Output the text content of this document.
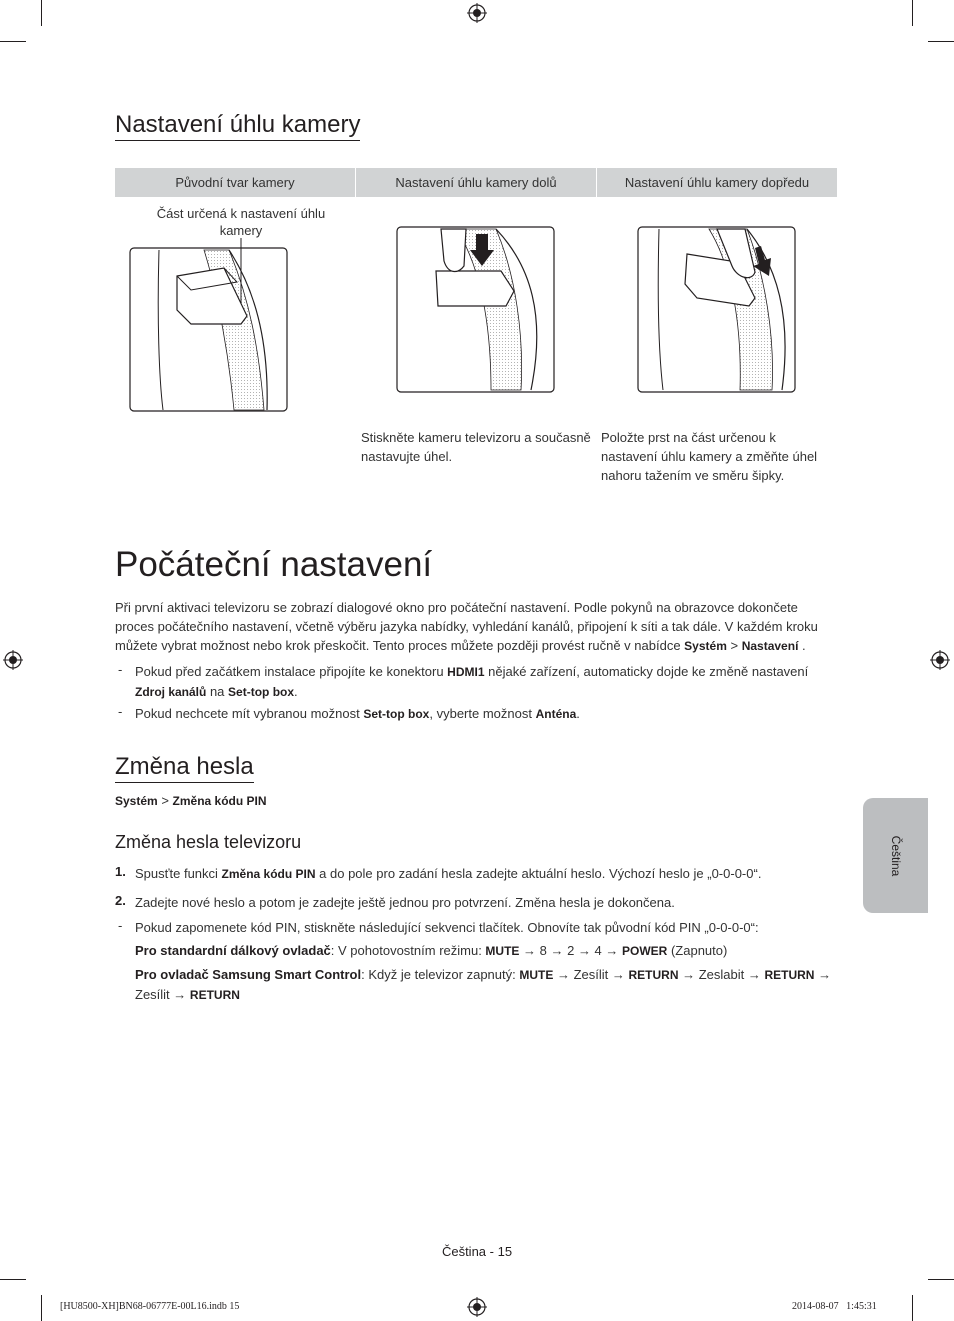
Nastavení úhlu kamery
Původní tvar kamery	Nastavení úhlu kamery dolů	Nastavení úhlu kamery dopředu
Část určená k nastavení úhlu kamery
Stiskněte kameru televizoru a současně nastavujte úhel.
Položte prst na část určenou k nastavení úhlu kamery a změňte úhel nahoru tažením ve směru šipky.
Počáteční nastavení

Při první aktivaci televizoru se zobrazí dialogové okno pro počáteční nastavení. Podle pokynů na obrazovce dokončete proces počátečního nastavení, včetně výběru jazyka nabídky, vyhledání kanálů, připojení k síti a tak dále. V každém kroku můžete vybrat možnost nebo krok přeskočit. Tento proces můžete později provést ručně v nabídce Systém > Nastavení .

- Pokud před začátkem instalace připojíte ke konektoru HDMI1 nějaké zařízení, automaticky dojde ke změně nastavení
Zdroj kanálů na Set-top box.

- Pokud nechcete mít vybranou možnost Set-top box, vyberte možnost Anténa.

Změna hesla

Systém > Změna kódu PIN

Změna hesla televizoru
1. Spusťte funkci Změna kódu PIN a do pole pro zadání hesla zadejte aktuální heslo. Výchozí heslo je „0-0-0-0“.

2. Zadejte nové heslo a potom je zadejte ještě jednou pro potvrzení. Změna hesla je dokončena.

- Pokud zapomenete kód PIN, stiskněte následující sekvenci tlačítek. Obnovíte tak původní kód PIN „0-0-0-0“:

Pro standardní dálkový ovladač: V pohotovostním režimu: MUTE → 8 → 2 → 4 → POWER (Zapnuto)

Pro ovladač Samsung Smart Control: Když je televizor zapnutý: MUTE → Zesílit → RETURN → Zeslabit → RETURN →
Zesílit → RETURN

Čeština
Čeština - 15
[HU8500-XH]BN68-06777E-00L16.indb 15	2014-08-07   1:45:31
